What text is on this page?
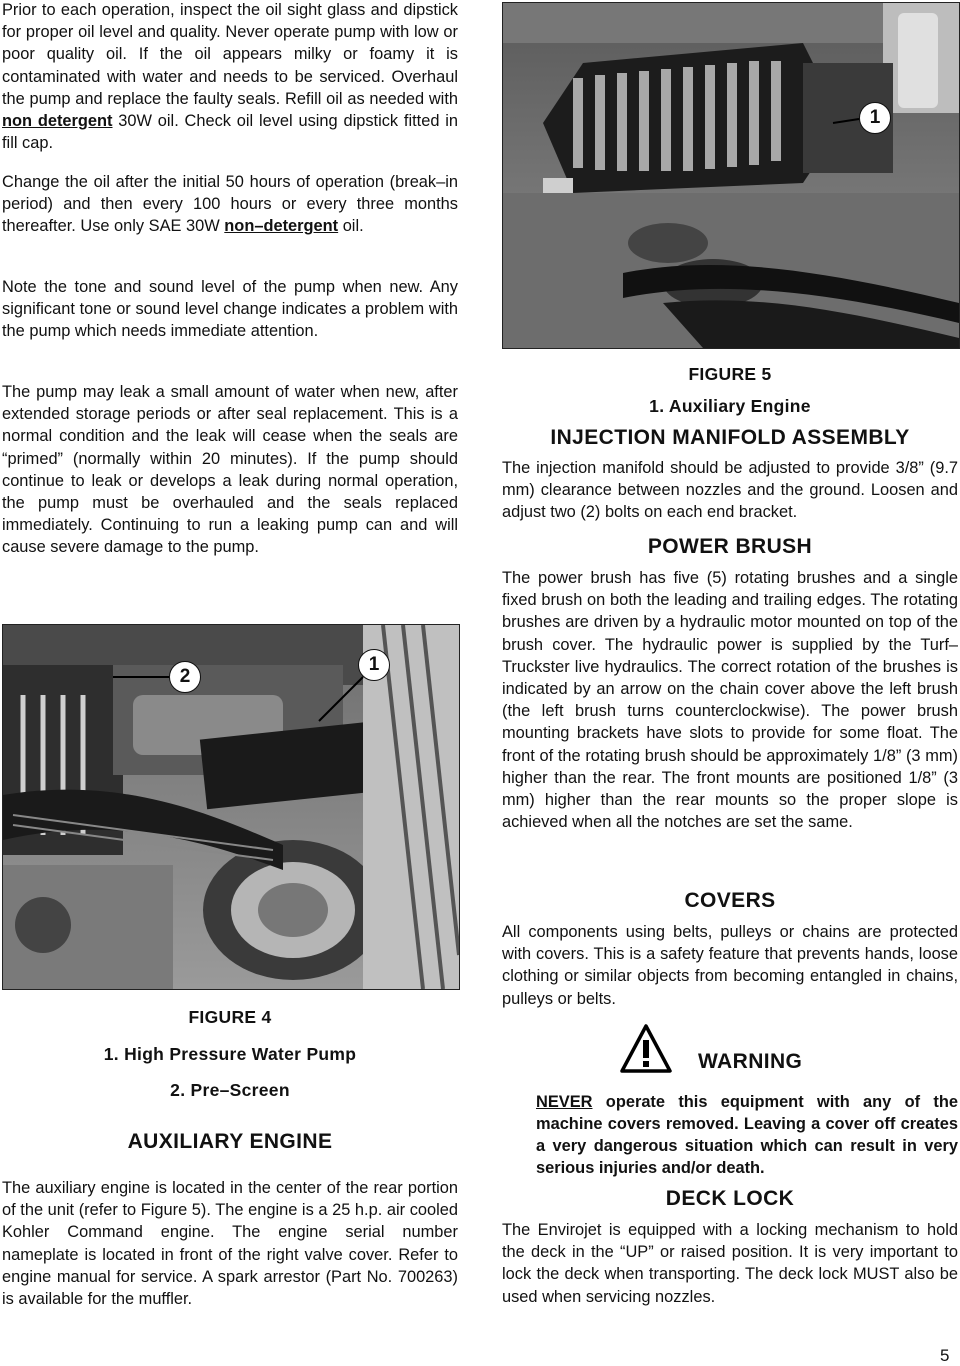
Prior to each operation, inspect the oil sight glass and dipstick for proper oil level and quality. Never operate pump with low or poor quality oil. If the oil appears milky or foamy it is contaminated with water and needs to be serviced. Overhaul the pump and replace the faulty seals. Refill oil as needed with non detergent 30W oil. Check oil level using dipstick fitted in fill cap.

Change the oil after the initial 50 hours of operation (break–in period) and then every 100 hours or every three months thereafter. Use only SAE 30W non–detergent oil.

Note the tone and sound level of the pump when new. Any significant tone or sound level change indicates a problem with the pump which needs immediate attention.

The pump may leak a small amount of water when new, after extended storage periods or after seal replacement. This is a normal condition and the leak will cease when the seals are “primed” (normally within 20 minutes). If the pump should continue to leak or develops a leak during normal operation, the pump must be overhauled and the seals replaced immediately. Continuing to run a leaking pump can and will cause severe damage to the pump.

2
1

FIGURE 4

1. High Pressure Water Pump

2. Pre–Screen

AUXILIARY ENGINE

The auxiliary engine is located in the center of the rear portion of the unit (refer to Figure 5). The engine is a 25 h.p. air cooled Kohler Command engine. The engine serial number nameplate is located in front of the right valve cover. Refer to engine manual for service. A spark arrestor (Part No. 700263) is available for the muffler.

1

FIGURE 5

1. Auxiliary Engine

INJECTION MANIFOLD ASSEMBLY

The injection manifold should be adjusted to provide 3/8” (9.7 mm) clearance between nozzles and the ground. Loosen and adjust two (2) bolts on each end bracket.

POWER BRUSH

The power brush has five (5) rotating brushes and a single fixed brush on both the leading and trailing edges. The rotating brushes are driven by a hydraulic motor mounted on top of the brush cover. The hydraulic power is supplied by the Turf–Truckster live hydraulics. The correct rotation of the brushes is indicated by an arrow on the chain cover above the left brush (the left brush turns counterclockwise). The power brush mounting brackets have slots to provide for some float. The front of the rotating brush should be approximately 1/8” (3 mm) higher than the rear. The front mounts are positioned 1/8” (3 mm) higher than the rear mounts so the proper slope is achieved when all the notches are set the same.

COVERS

All components using belts, pulleys or chains are protected with covers. This is a safety feature that prevents hands, loose clothing or similar objects from becoming entangled in chains, pulleys or belts.

WARNING

NEVER operate this equipment with any of the machine covers removed. Leaving a cover off creates a very dangerous situation which can result in very serious injuries and/or death.

DECK LOCK

The Envirojet is equipped with a locking mechanism to hold the deck in the “UP” or raised position. It is very important to lock the deck when transporting. The deck lock MUST also be used when servicing nozzles.

5
